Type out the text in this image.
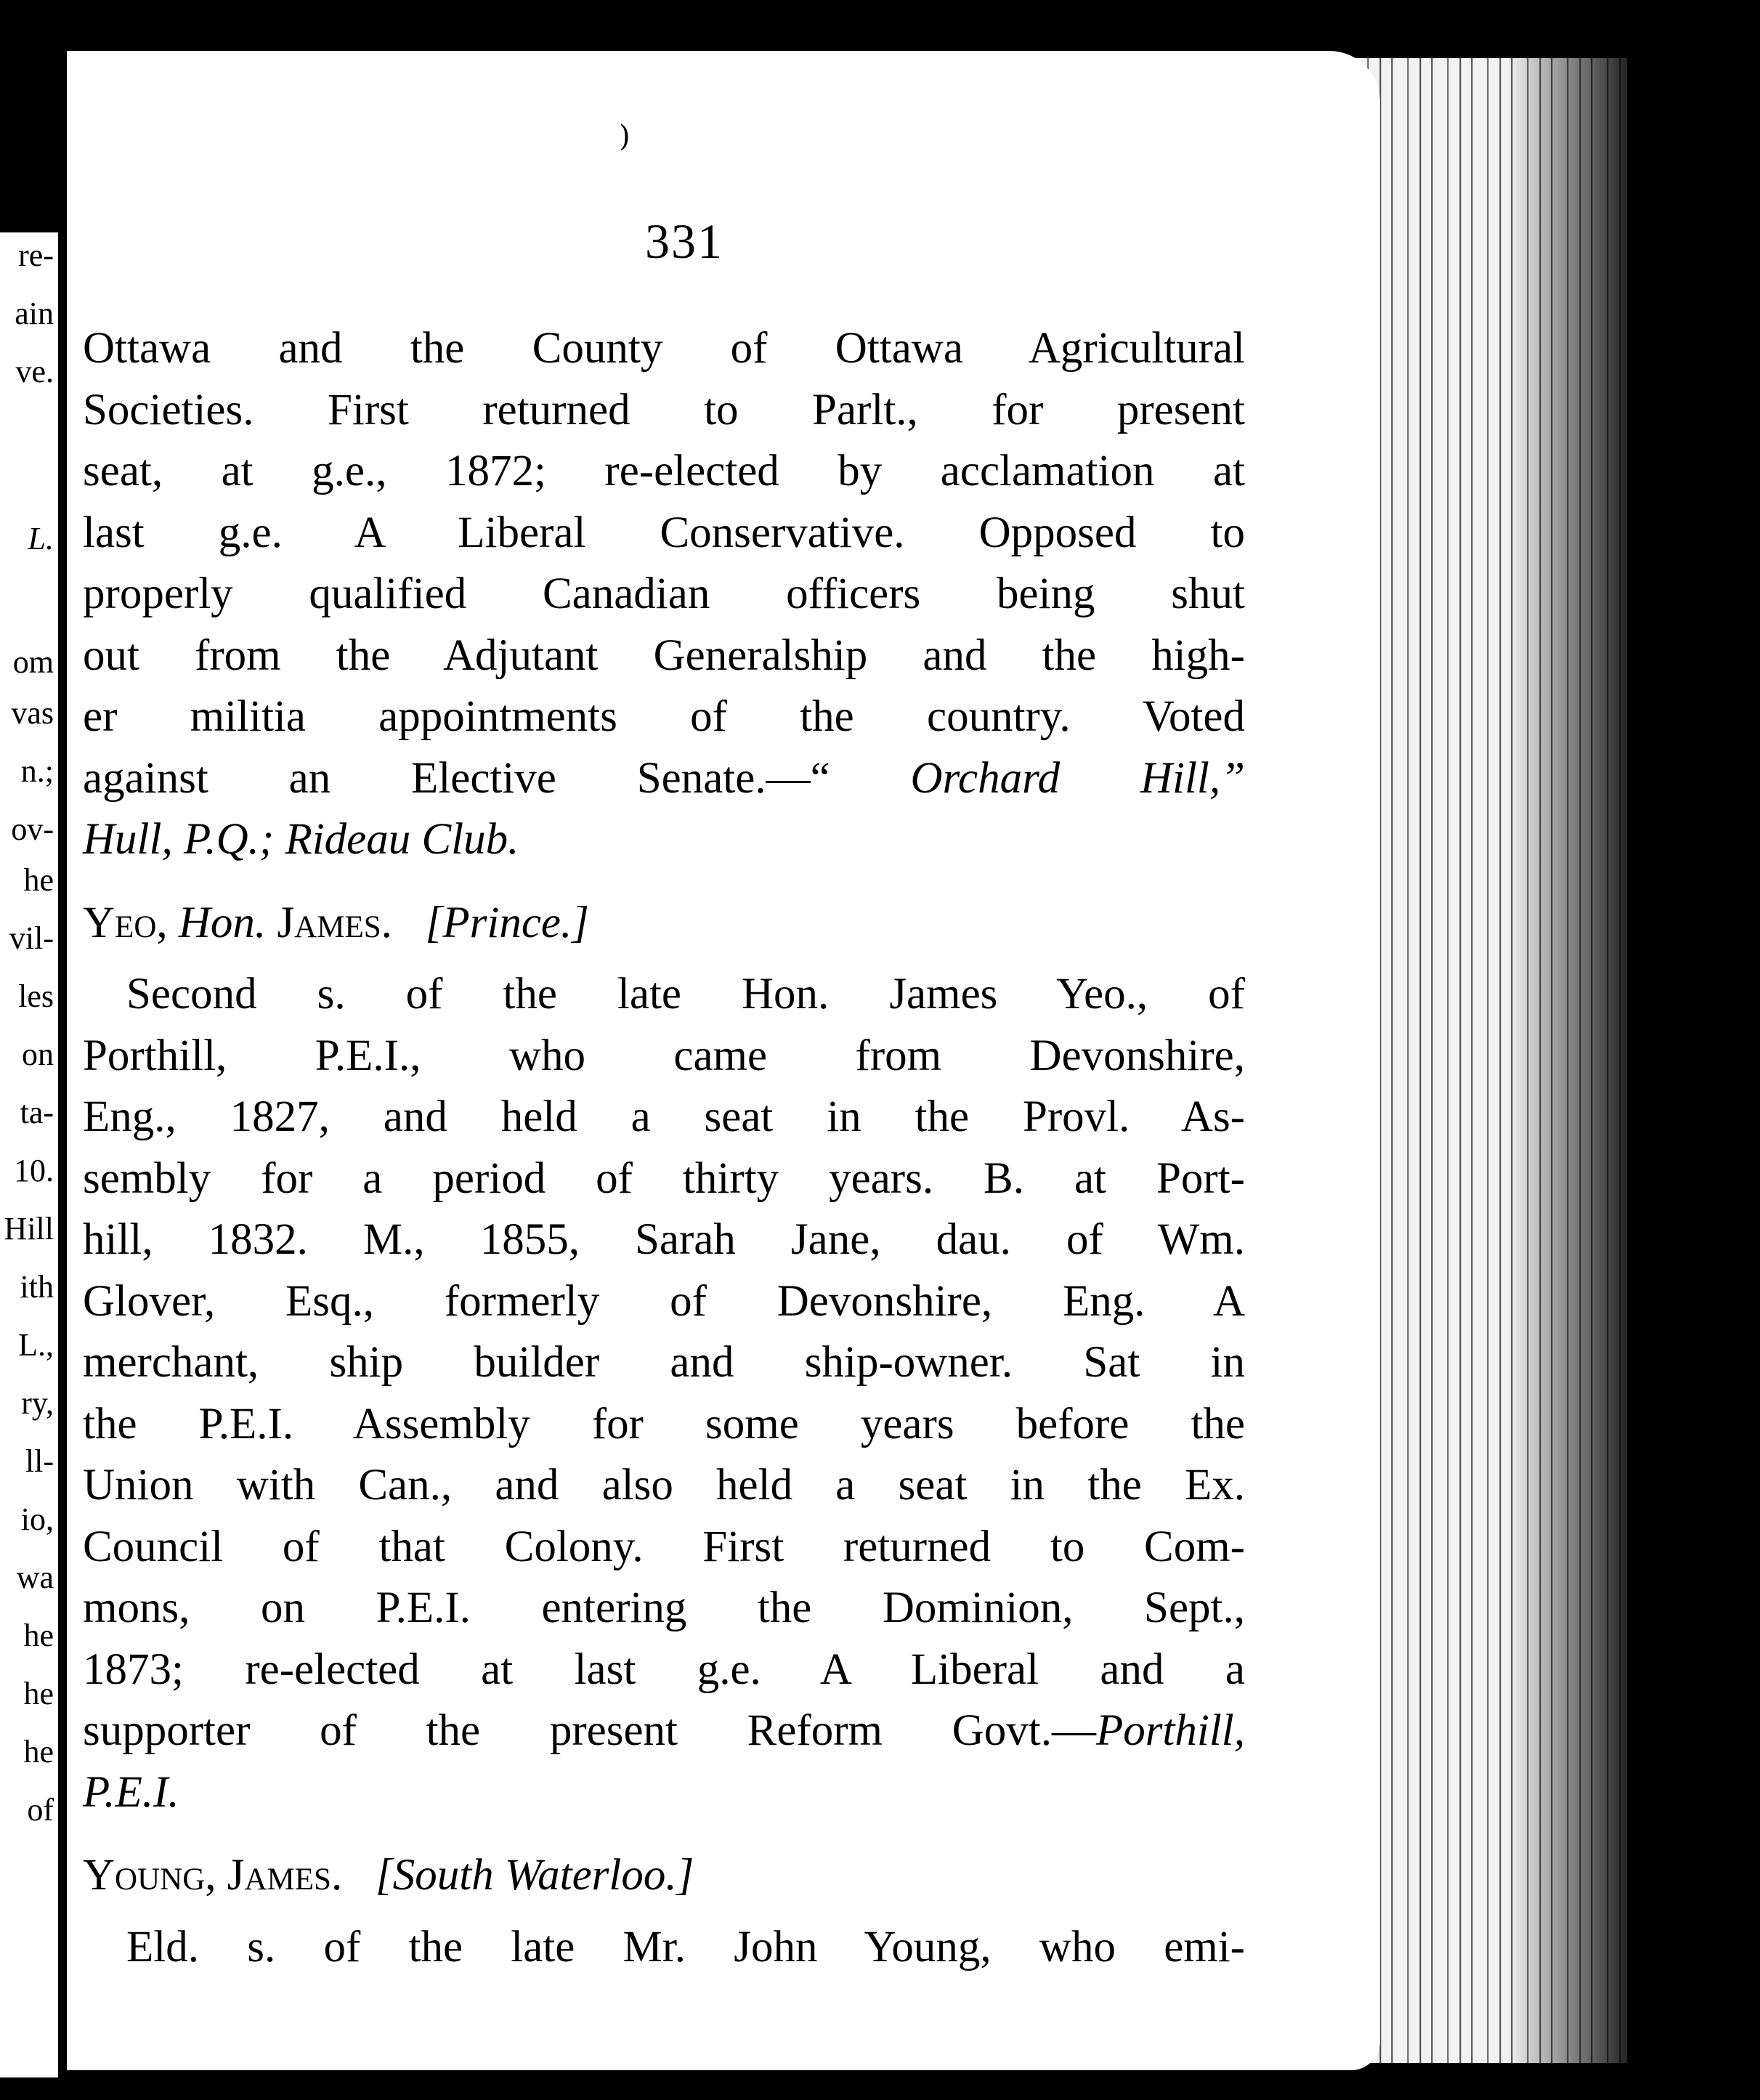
re-
ain
ve.
L.
om
vas
n.;
ov-
he
vil-
les
on
ta-
10.
Hill
ith
L.,
ry,
ll-
io,
wa
he
he
he
of
)
331
Ottawa and the County of Ottawa Agricultural
Societies. First returned to Parlt., for present
seat, at g.e., 1872; re-elected by acclamation at
last g.e. A Liberal Conservative. Opposed to
properly qualified Canadian officers being shut
out from the Adjutant Generalship and the high-
er militia appointments of the country. Voted
against an Elective Senate.—“ Orchard Hill,”
Hull, P.Q.; Rideau Club.
Yeo, Hon. James. [Prince.]
Second s. of the late Hon. James Yeo., of
Porthill, P.E.I., who came from Devonshire,
Eng., 1827, and held a seat in the Provl. As-
sembly for a period of thirty years. B. at Port-
hill, 1832. M., 1855, Sarah Jane, dau. of Wm.
Glover, Esq., formerly of Devonshire, Eng. A
merchant, ship builder and ship-owner. Sat in
the P.E.I. Assembly for some years before the
Union with Can., and also held a seat in the Ex.
Council of that Colony. First returned to Com-
mons, on P.E.I. entering the Dominion, Sept.,
1873; re-elected at last g.e. A Liberal and a
supporter of the present Reform Govt.—Porthill,
P.E.I.
Young, James. [South Waterloo.]
Eld. s. of the late Mr. John Young, who emi-
